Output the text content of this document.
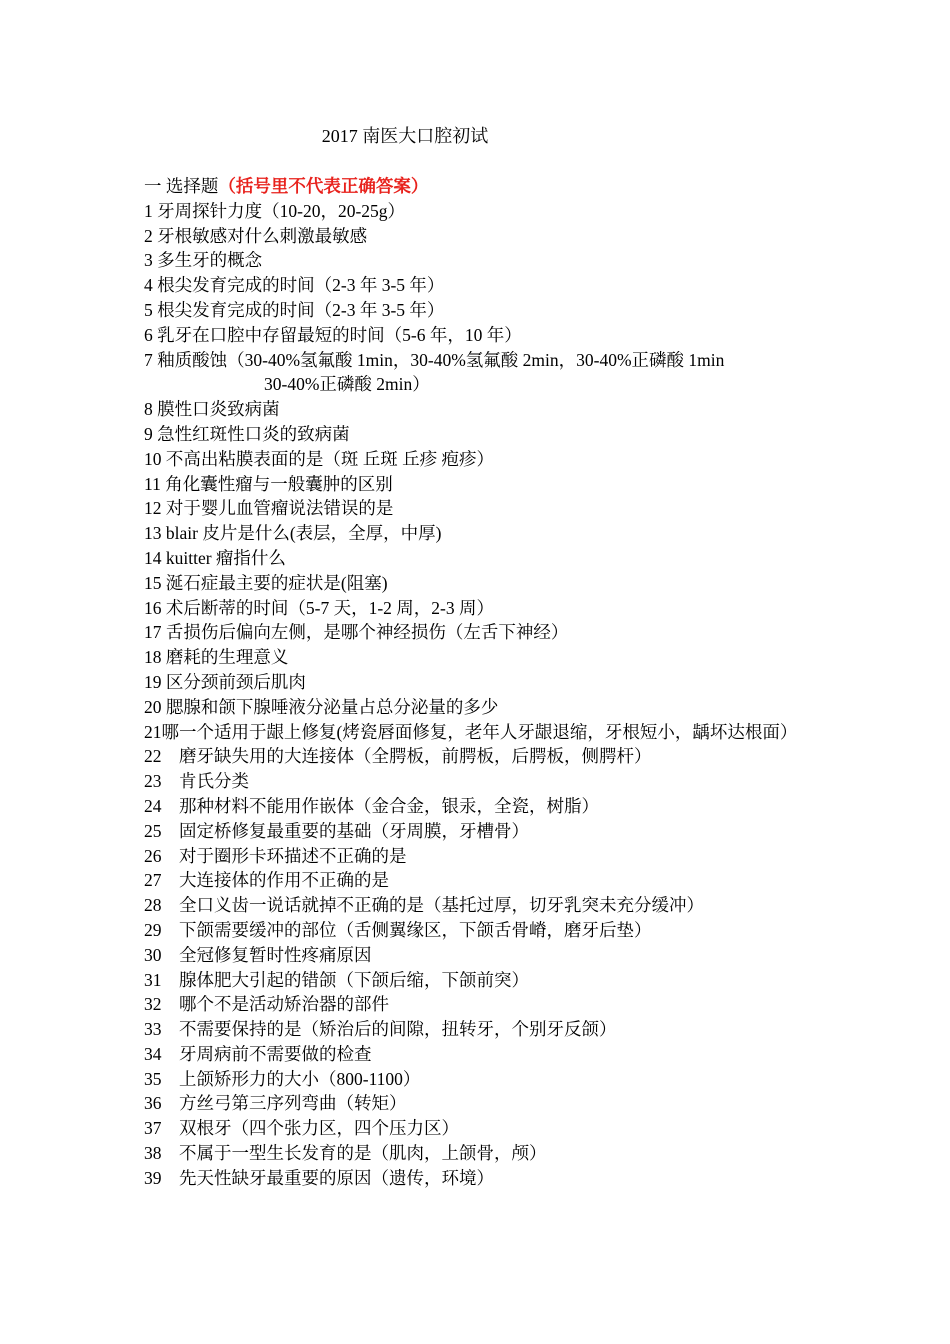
2017 南医大口腔初试
一 选择题（括号里不代表正确答案）
1 牙周探针力度（10-20，20-25g）
2 牙根敏感对什么刺激最敏感
3 多生牙的概念
4 根尖发育完成的时间（2-3 年 3-5 年）
5 根尖发育完成的时间（2-3 年 3-5 年）
6 乳牙在口腔中存留最短的时间（5-6 年，10 年）
7 釉质酸蚀（30-40%氢氟酸 1min，30-40%氢氟酸 2min，30-40%正磷酸 1min
30-40%正磷酸 2min）
8 膜性口炎致病菌
9 急性红斑性口炎的致病菌
10 不高出粘膜表面的是（斑 丘斑 丘疹 疱疹）
11 角化囊性瘤与一般囊肿的区别
12 对于婴儿血管瘤说法错误的是
13 blair 皮片是什么(表层，全厚，中厚)
14 kuitter 瘤指什么
15 涎石症最主要的症状是(阻塞)
16 术后断蒂的时间（5-7 天，1-2 周，2-3 周）
17 舌损伤后偏向左侧，是哪个神经损伤（左舌下神经）
18 磨耗的生理意义
19 区分颈前颈后肌肉
20 腮腺和颌下腺唾液分泌量占总分泌量的多少
21哪一个适用于龈上修复(烤瓷唇面修复，老年人牙龈退缩，牙根短小，龋坏达根面）
22 磨牙缺失用的大连接体（全腭板，前腭板，后腭板，侧腭杆）
23 肯氏分类
24 那种材料不能用作嵌体（金合金，银汞，全瓷，树脂）
25 固定桥修复最重要的基础（牙周膜，牙槽骨）
26 对于圈形卡环描述不正确的是
27 大连接体的作用不正确的是
28 全口义齿一说话就掉不正确的是（基托过厚，切牙乳突未充分缓冲）
29 下颌需要缓冲的部位（舌侧翼缘区，下颌舌骨嵴，磨牙后垫）
30 全冠修复暂时性疼痛原因
31 腺体肥大引起的错颌（下颌后缩，下颌前突）
32 哪个不是活动矫治器的部件
33 不需要保持的是（矫治后的间隙，扭转牙，个别牙反颌）
34 牙周病前不需要做的检查
35 上颌矫形力的大小（800-1100）
36 方丝弓第三序列弯曲（转矩）
37 双根牙（四个张力区，四个压力区）
38 不属于一型生长发育的是（肌肉，上颌骨，颅）
39 先天性缺牙最重要的原因（遗传，环境）
